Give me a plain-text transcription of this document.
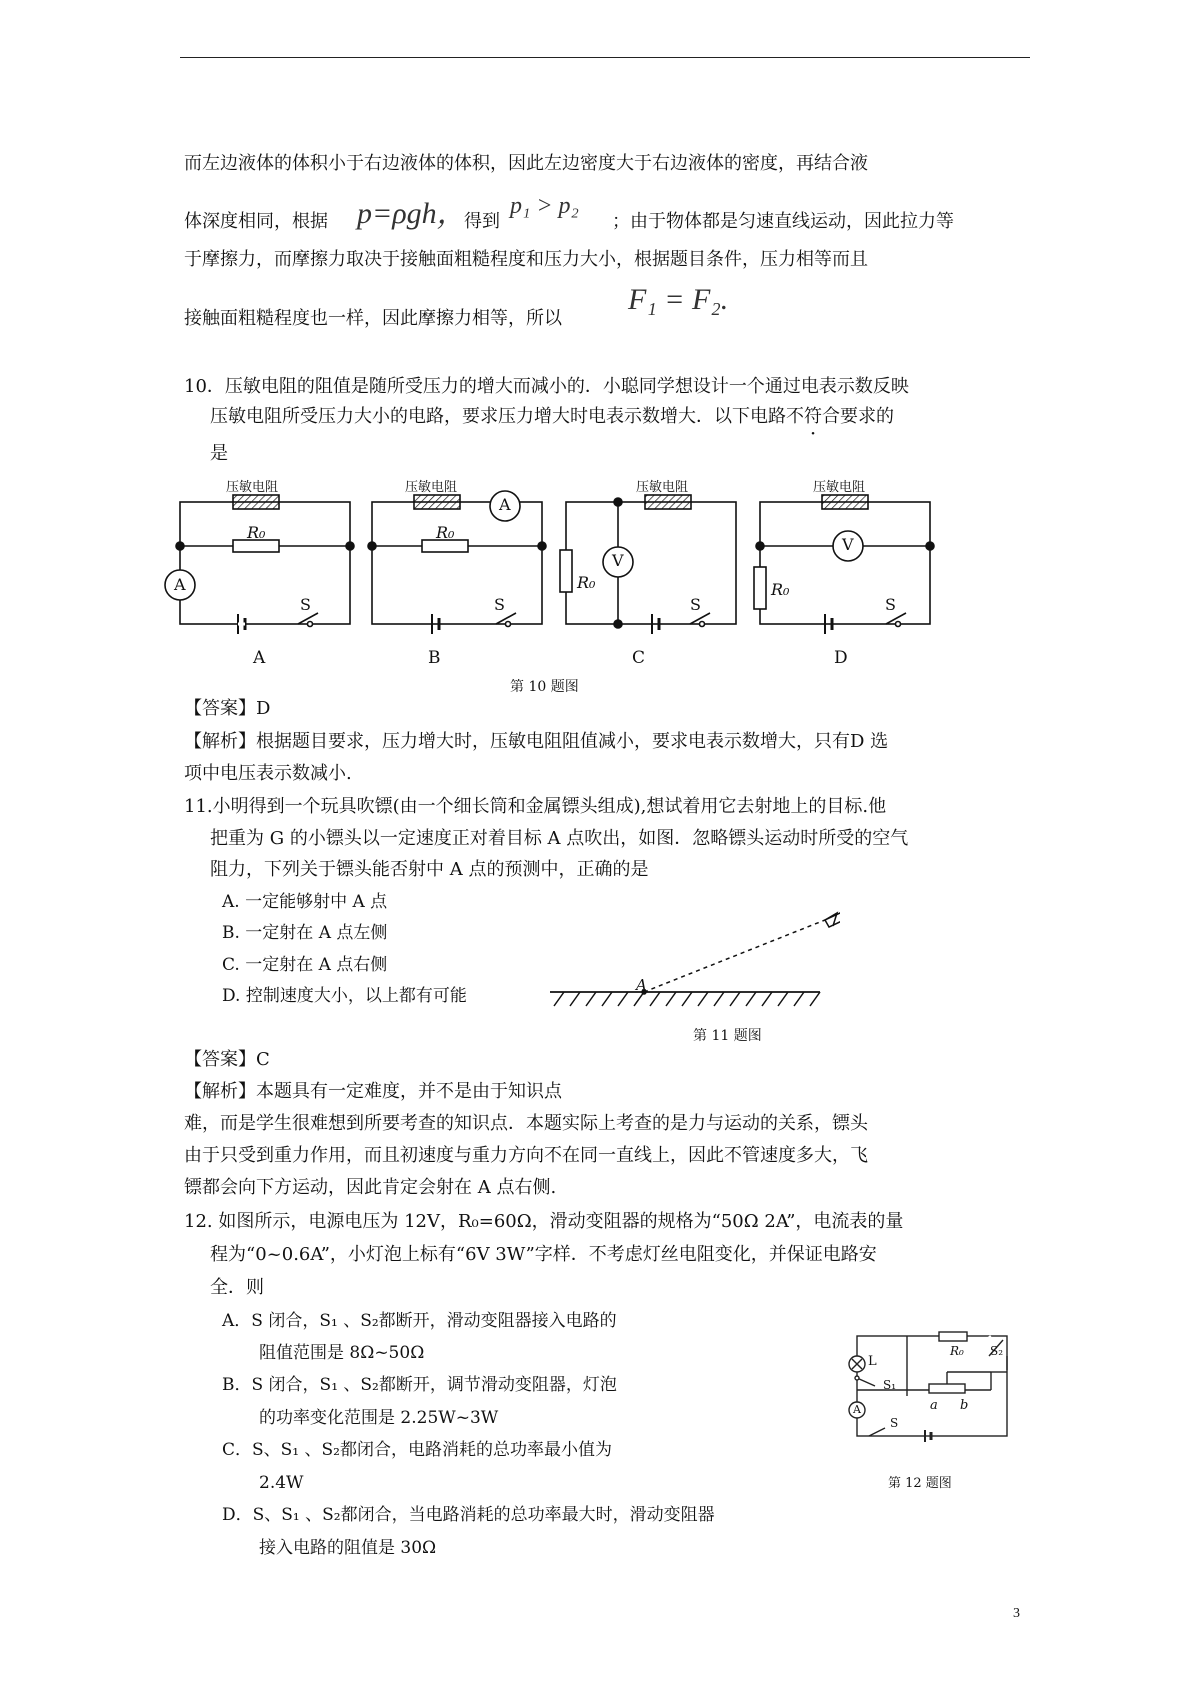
而左边液体的体积小于右边液体的体积，因此左边密度大于右边液体的密度，再结合液
体深度相同，根据 p=ρgh，
得到
p₁ > p₂
；由于物体都是匀速直线运动，因此拉力等
于摩擦力，而摩擦力取决于接触面粗糙程度和压力大小，根据题目条件，压力相等而且
接触面粗糙程度也一样，因此摩擦力相等，所以
F₁ = F₂.
10．压敏电阻的阻值是随所受压力的增大而减小的．小聪同学想设计一个通过电表示数反映
压敏电阻所受压力大小的电路，要求压力增大时电表示数增大．以下电路不符合要求的
是
压敏电阻	压敏电阻	压敏电阻	压敏电阻
R₀	R₀
R₀	R₀
A
A
V
V
S	S	S	S
A	B	C	D
第 10 题图
【答案】D
【解析】根据题目要求，压力增大时，压敏电阻阻值减小，要求电表示数增大，只有D 选
项中电压表示数减小.
11.小明得到一个玩具吹镖(由一个细长筒和金属镖头组成),想试着用它去射地上的目标.他
把重为 G 的小镖头以一定速度正对着目标 A 点吹出，如图．忽略镖头运动时所受的空气
阻力，下列关于镖头能否射中 A 点的预测中，正确的是
A. 一定能够射中 A 点
B. 一定射在 A 点左侧
C. 一定射在 A 点右侧
D. 控制速度大小，以上都有可能
A
第 11 题图
【答案】C
【解析】本题具有一定难度，并不是由于知识点
难，而是学生很难想到所要考查的知识点．本题实际上考查的是力与运动的关系，镖头
由于只受到重力作用，而且初速度与重力方向不在同一直线上，因此不管速度多大，飞
镖都会向下方运动，因此肯定会射在 A 点右侧.
12. 如图所示，电源电压为 12V，R₀=60Ω，滑动变阻器的规格为“50Ω 2A”，电流表的量
程为“0~0.6A”，小灯泡上标有“6V 3W”字样．不考虑灯丝电阻变化，并保证电路安
全．则
A．S 闭合，S₁ 、S₂都断开，滑动变阻器接入电路的
阻值范围是 8Ω~50Ω
B．S 闭合，S₁ 、S₂都断开，调节滑动变阻器，灯泡
的功率变化范围是 2.25W~3W
C．S、S₁ 、S₂都闭合，电路消耗的总功率最小值为
2.4W
D．S、S₁ 、S₂都闭合，当电路消耗的总功率最大时，滑动变阻器
接入电路的阻值是 30Ω
L
R₀ S₂
S₁
a b
A
S
第 12 题图
3
